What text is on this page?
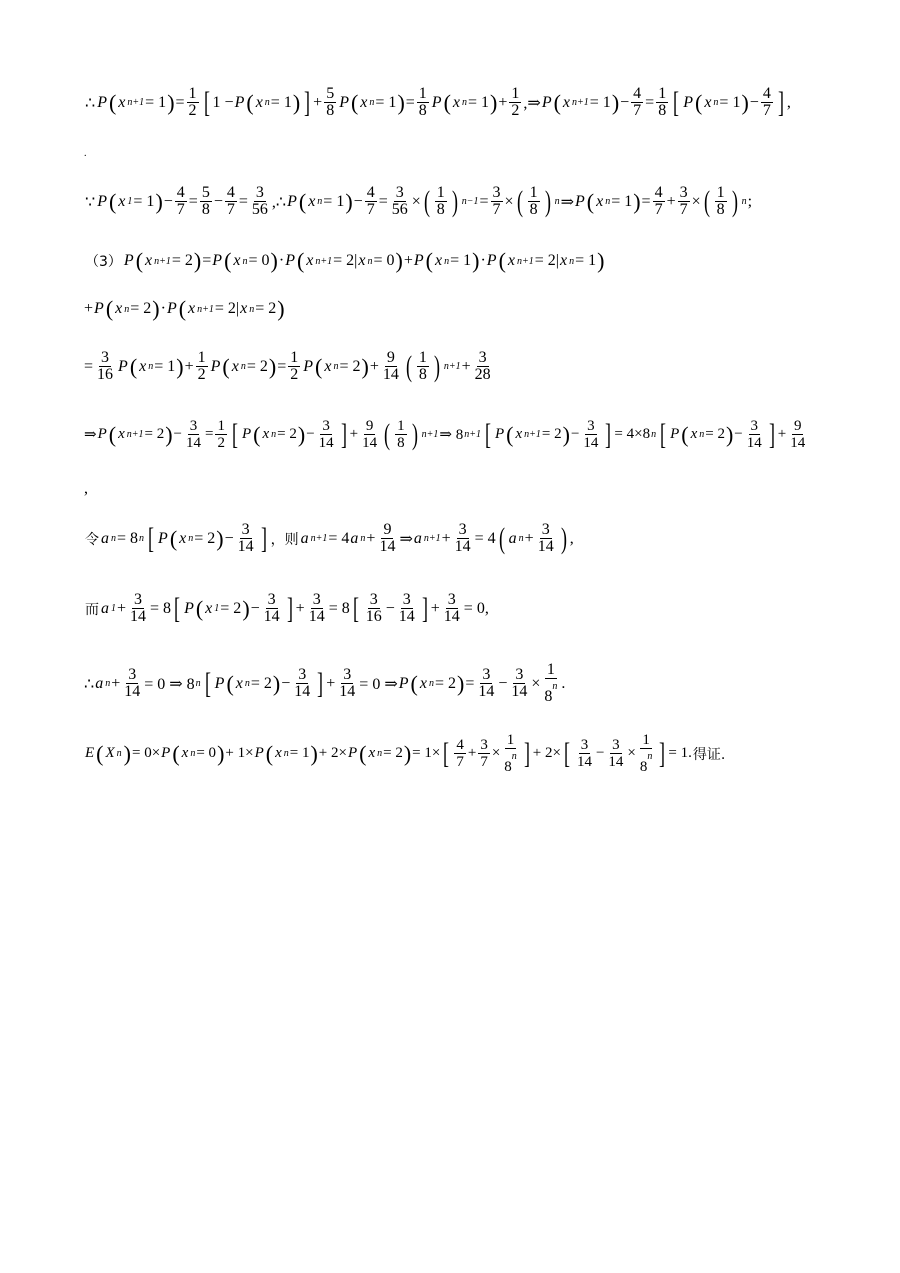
∴ P ( x n+1 = 1 ) = $\frac{1}{2}$ [ 1 − P ( x n = 1 ) ] + $\frac{5}{8}$ P ( x n = 1 ) = $\frac{1}{8}$ P ( x n = 1 ) + $\frac{1}{2}$ ,⇒ P ( x n+1 = 1 ) − $\frac{4}{7} = \frac{1}{8}$ [ P ( x n = 1 ) − $\frac{4}{7}$ ] ,
.
∵ P ( x 1 = 1 ) − $\frac{4}{7} = \frac{5}{8} - \frac{4}{7} = \frac{3}{56}$ ,∴ P ( x n = 1 ) − $\frac{4}{7} = \frac{3}{56}$ × ( $\frac{1}{8}$ ) $n-1 = \frac{3}{7}$ × ( $\frac{1}{8}$ ) n ⇒ P ( x n = 1 ) = $\frac{4}{7} + \frac{3}{7}$ × ( $\frac{1}{8}$ ) n ;
（3） P ( x n+1 = 2 ) = P ( x n = 0 ) · P ( x n+1 = 2| x n = 0 ) + P ( x n = 1 ) · P ( x n+1 = 2| x n = 1 )
+ P ( x n = 2 ) · P ( x n+1 = 2| x n = 2 )
= $\frac{3}{16}$ P ( x n = 1 ) + $\frac{1}{2}$ P ( x n = 2 ) = $\frac{1}{2}$ P ( x n = 2 ) + $\frac{9}{14}$ ( $\frac{1}{8}$ ) $n+1 + \frac{3}{28}$
⇒ P ( x n+1 = 2 ) − $\frac{3}{14} = \frac{1}{2}$ [ P ( x n = 2 ) − $\frac{3}{14}$ ] + $\frac{9}{14}$ ( $\frac{1}{8}$ ) n+1 ⇒ 8 n+1 [ P ( x n+1 = 2 ) − $\frac{3}{14}$ ] = 4×8 n [ P ( x n = 2 ) − $\frac{3}{14}$ ] + $\frac{9}{14}$
,
令 a n = 8 n [ P ( x n = 2 ) − $\frac{3}{14}$ ] ，则 a n+1 = 4 a $n + \frac{9}{14}$ ⇒ a $n+1 + \frac{3}{14} = 4$ ( a $n + \frac{3}{14}$ ) ,
而 a $1 + \frac{3}{14} = 8$ [ P ( x 1 = 2 ) − $\frac{3}{14}$ ] + $\frac{3}{14} = 8$ [ $\frac{3}{16} - \frac{3}{14}$ ] + $\frac{3}{14} = 0$,
∴ a $n + \frac{3}{14} = 0$ ⇒ 8 n [ P ( x n = 2 ) − $\frac{3}{14}$ ] + $\frac{3}{14} = 0$ ⇒ P ( x n = 2 ) = $\frac{3}{14} - \frac{3}{14} \times \frac{1}{8^n}$ .
E ( X n ) = 0× P ( x n = 0 ) + 1× P ( x n = 1 ) + 2× P ( x n = 2 ) = 1× [ $\frac{4}{7} + \frac{3}{7} \times \frac{1}{8^n}$ ] + 2× [ $\frac{3}{14} - \frac{3}{14} \times \frac{1}{8^n}$ ] = 1. 得证.
